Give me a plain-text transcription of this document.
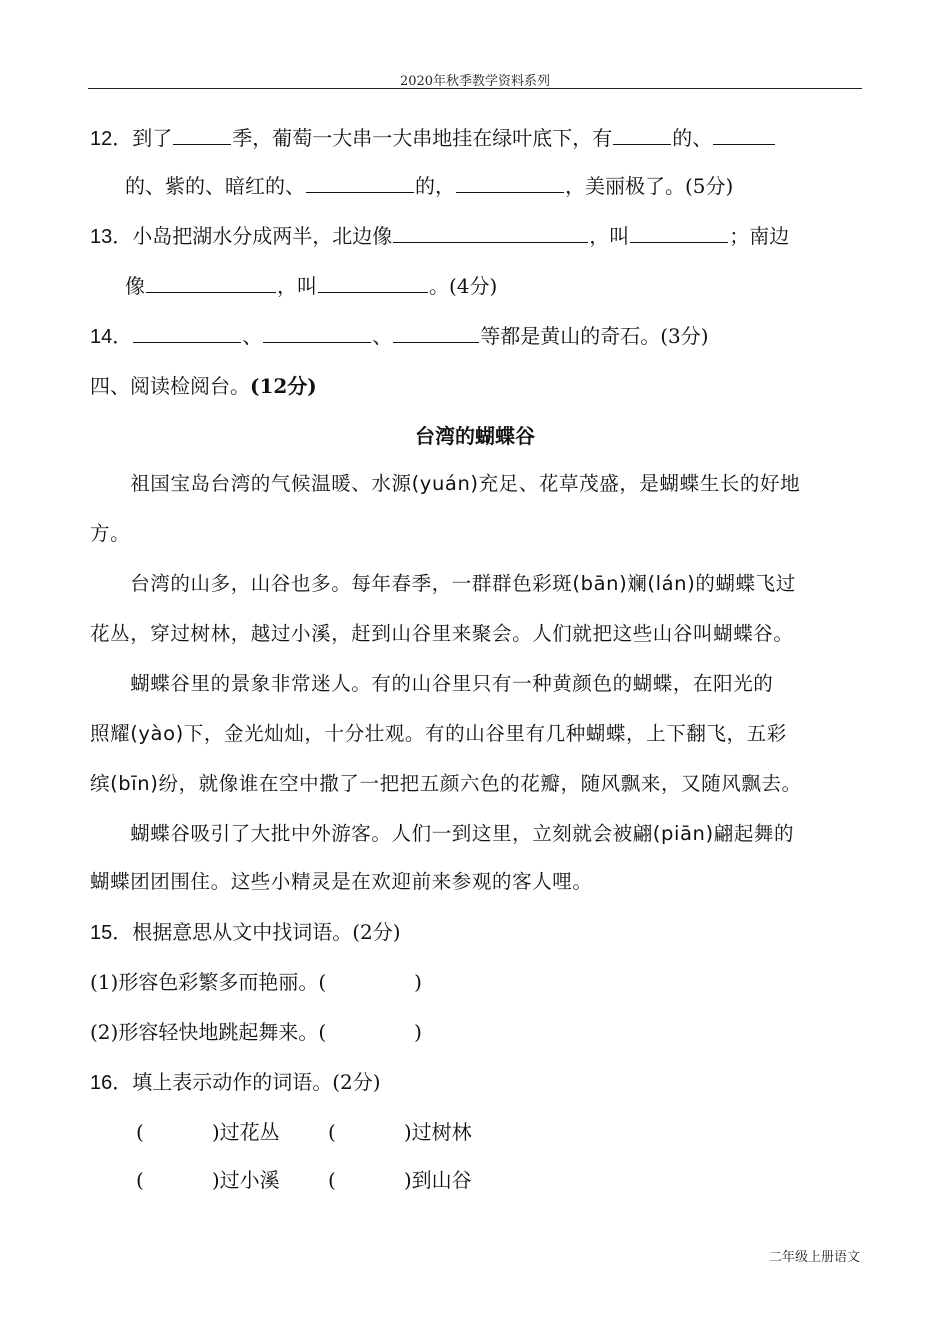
2020年秋季教学资料系列
12．到了	季，葡萄一大串一大串地挂在绿叶底下，有	的、
的、紫的、暗红的、	的，	，美丽极了。(5分)
13．小岛把湖水分成两半，北边像	，叫	；南边
像	，叫	。(4分)
14．	、	、	等都是黄山的奇石。(3分)
四、阅读检阅台。(12分)
台湾的蝴蝶谷
　　祖国宝岛台湾的气候温暖、水源(yuán)充足、花草茂盛，是蝴蝶生长的好地
方。
　　台湾的山多，山谷也多。每年春季，一群群色彩斑(bān)斓(lán)的蝴蝶飞过
花丛，穿过树林，越过小溪，赶到山谷里来聚会。人们就把这些山谷叫蝴蝶谷。
　　蝴蝶谷里的景象非常迷人。有的山谷里只有一种黄颜色的蝴蝶，在阳光的
照耀(yào)下，金光灿灿，十分壮观。有的山谷里有几种蝴蝶，上下翻飞，五彩
缤(bīn)纷，就像谁在空中撒了一把把五颜六色的花瓣，随风飘来，又随风飘去。
　　蝴蝶谷吸引了大批中外游客。人们一到这里，立刻就会被翩(piān)翩起舞的
蝴蝶团团围住。这些小精灵是在欢迎前来参观的客人哩。
15．根据意思从文中找词语。(2分)
(1)形容色彩繁多而艳丽。(	)
(2)形容轻快地跳起舞来。(	)
16．填上表示动作的词语。(2分)
(	)过花丛 (	)过树林
(	)过小溪 (	)到山谷
二年级上册语文
